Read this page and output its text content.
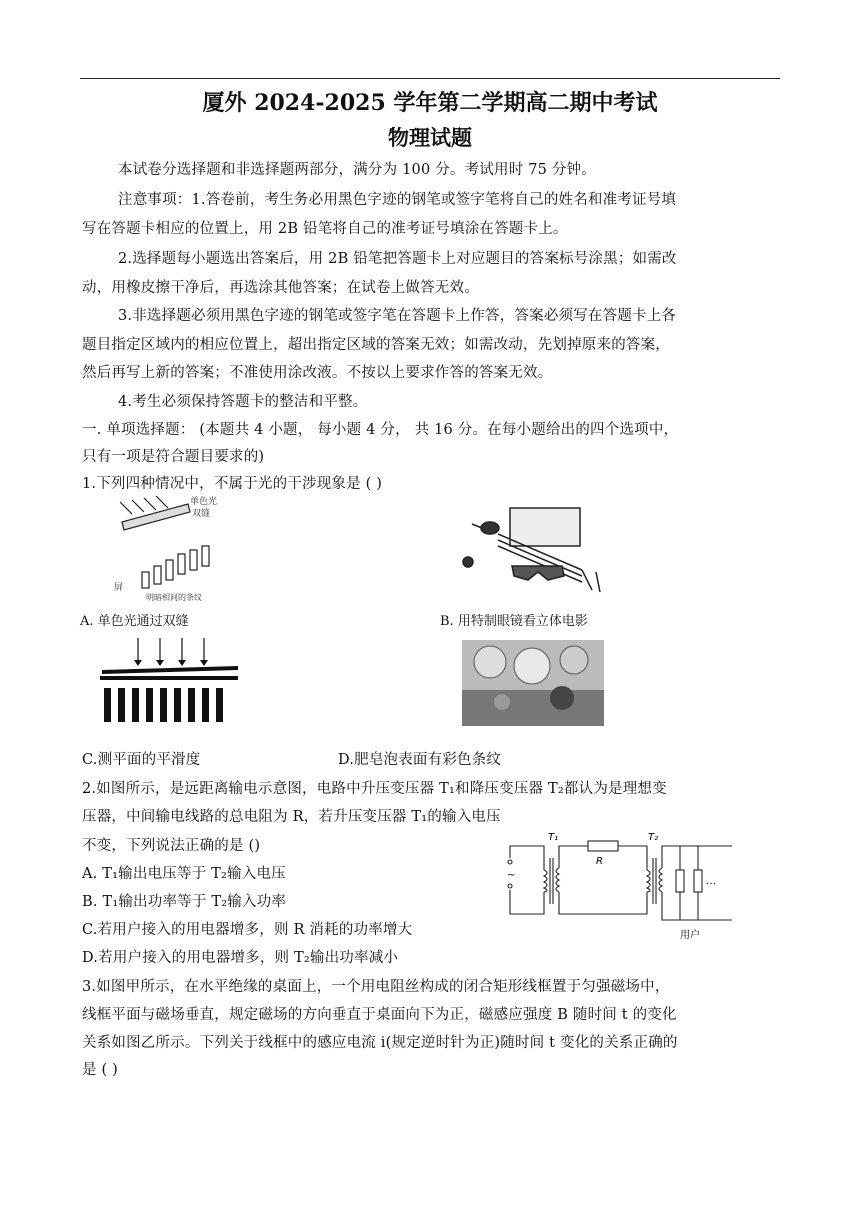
厦外 2024-2025 学年第二学期高二期中考试
物理试题
本试卷分选择题和非选择题两部分，满分为 100 分。考试用时 75 分钟。
注意事项：1.答卷前，考生务必用黑色字迹的钢笔或签字笔将自己的姓名和准考证号填
写在答题卡相应的位置上，用 2B 铅笔将自己的准考证号填涂在答题卡上。
2.选择题每小题选出答案后，用 2B 铅笔把答题卡上对应题目的答案标号涂黑；如需改
动，用橡皮擦干净后，再选涂其他答案；在试卷上做答无效。
3.非选择题必须用黑色字迹的钢笔或签字笔在答题卡上作答，答案必须写在答题卡上各
题目指定区域内的相应位置上，超出指定区域的答案无效；如需改动，先划掉原来的答案，
然后再写上新的答案；不准使用涂改液。不按以上要求作答的答案无效。
4.考生必须保持答题卡的整洁和平整。
一. 单项选择题： (本题共 4 小题， 每小题 4 分， 共 16 分。在每小题给出的四个选项中，
只有一项是符合题目要求的)
1.下列四种情况中，不属于光的干涉现象是 ( )
单色光
双缝
屏
明暗相间的条纹
A. 单色光通过双缝	B. 用特制眼镜看立体电影
C.测平面的平滑度	D.肥皂泡表面有彩色条纹
2.如图所示，是远距离输电示意图，电路中升压变压器 T₁和降压变压器 T₂都认为是理想变
压器，中间输电线路的总电阻为 R，若升压变压器 T₁的输入电压
不变，下列说法正确的是 ()
A. T₁输出电压等于 T₂输入电压
B. T₁输出功率等于 T₂输入功率
C.若用户接入的用电器增多，则 R 消耗的功率增大
D.若用户接入的用电器增多，则 T₂输出功率减小
T₁	T₂
R
…
~
用户
3.如图甲所示，在水平绝缘的桌面上，一个用电阻丝构成的闭合矩形线框置于匀强磁场中，
线框平面与磁场垂直，规定磁场的方向垂直于桌面向下为正，磁感应强度 B 随时间 t 的变化
关系如图乙所示。下列关于线框中的感应电流 i(规定逆时针为正)随时间 t 变化的关系正确的
是 ( )
